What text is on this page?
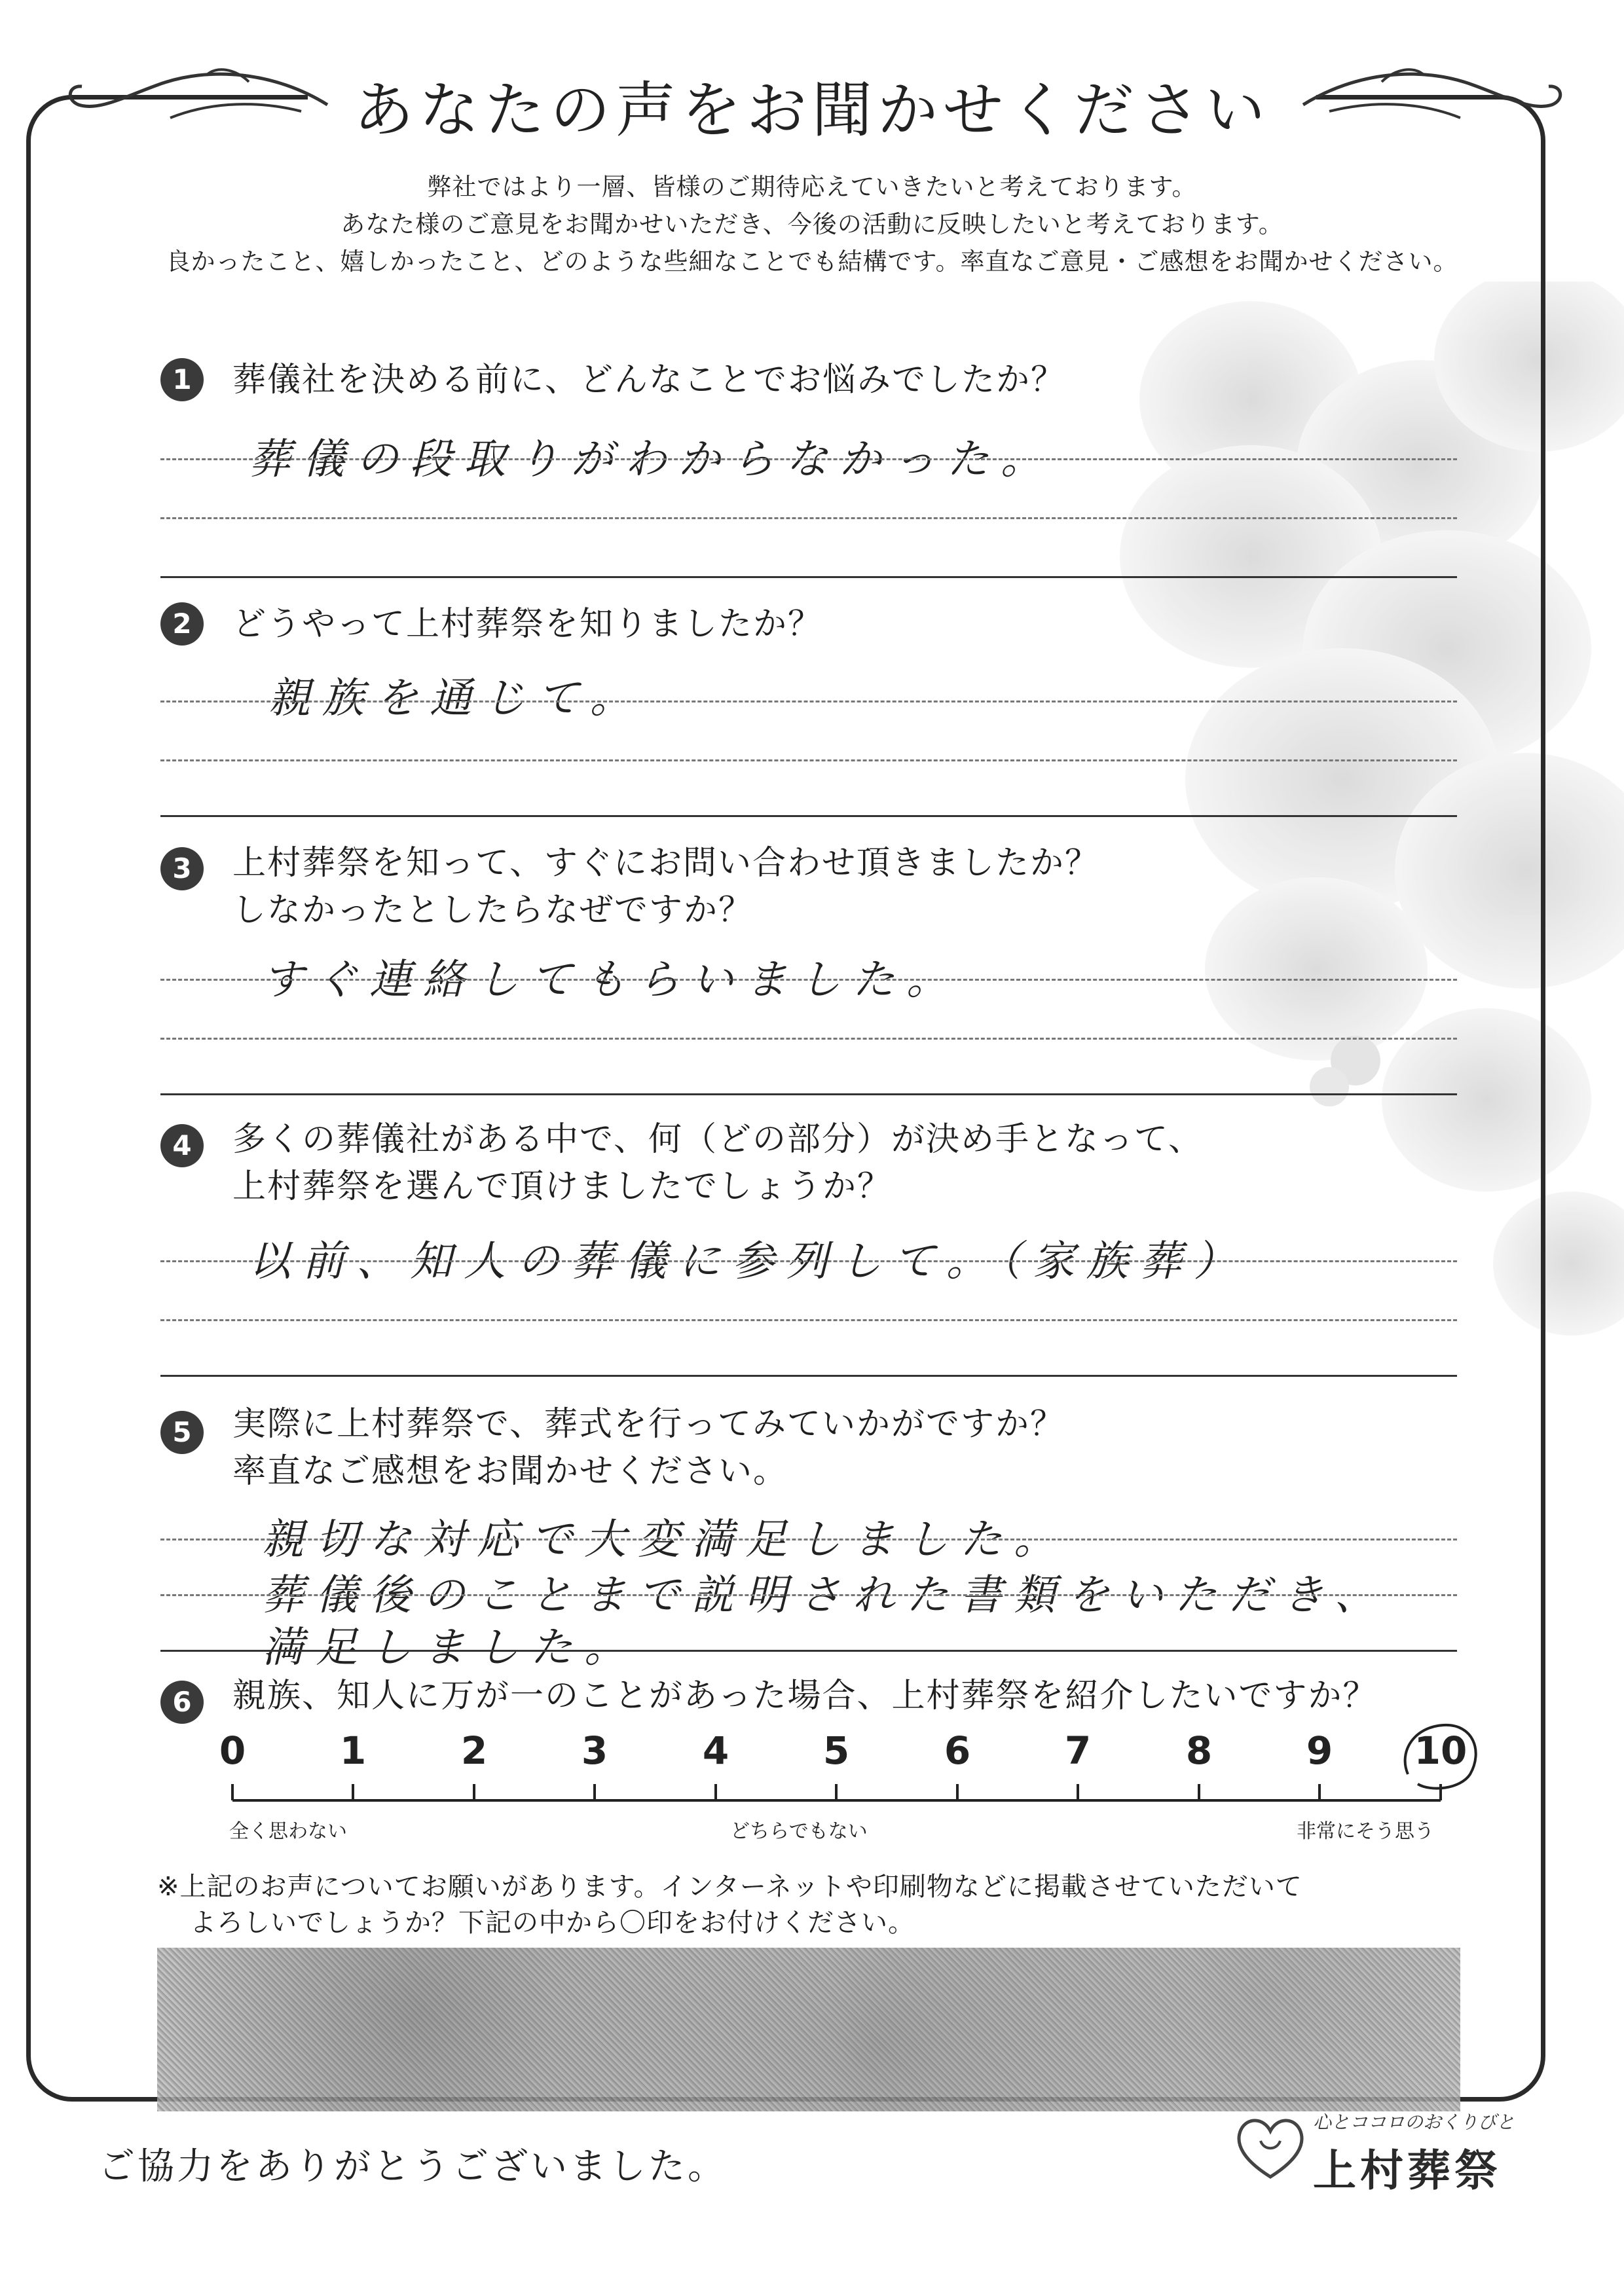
あなたの声をお聞かせください
弊社ではより一層、皆様のご期待応えていきたいと考えております。
あなた様のご意見をお聞かせいただき、今後の活動に反映したいと考えております。
良かったこと、嬉しかったこと、どのような些細なことでも結構です。率直なご意見・ご感想をお聞かせください。
1	葬儀社を決める前に、どんなことでお悩みでしたか？
葬儀の段取りがわからなかった。
2	どうやって上村葬祭を知りましたか？
親族を通じて。
3	上村葬祭を知って、すぐにお問い合わせ頂きましたか？
しなかったとしたらなぜですか？
すぐ連絡してもらいました。
4	多くの葬儀社がある中で、何（どの部分）が決め手となって、
上村葬祭を選んで頂けましたでしょうか？
以前、知人の葬儀に参列して。（家族葬）
5	実際に上村葬祭で、葬式を行ってみていかがですか？
率直なご感想をお聞かせください。
親切な対応で大変満足しました。
葬儀後のことまで説明された書類をいただき、
満足しました。
6	親族、知人に万が一のことがあった場合、上村葬祭を紹介したいですか？
0 1 2 3 4 5 6 7 8 9 10
全く思わない	どちらでもない	非常にそう思う
※上記のお声についてお願いがあります。インターネットや印刷物などに掲載させていただいて
よろしいでしょうか？下記の中から〇印をお付けください。
ご協力をありがとうございました。
心とココロのおくりびと
上村葬祭
